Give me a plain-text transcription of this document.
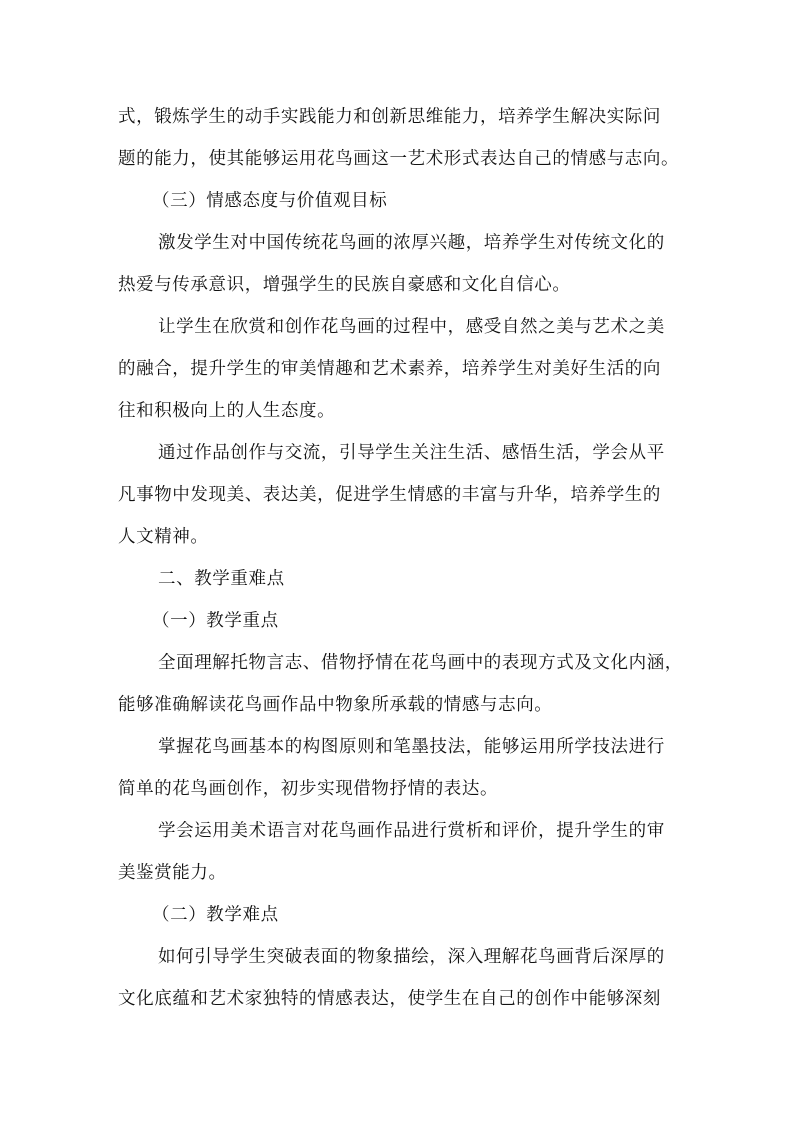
式，锻炼学生的动手实践能力和创新思维能力，培养学生解决实际问
题的能力，使其能够运用花鸟画这一艺术形式表达自己的情感与志向。
（三）情感态度与价值观目标
激发学生对中国传统花鸟画的浓厚兴趣，培养学生对传统文化的
热爱与传承意识，增强学生的民族自豪感和文化自信心。
让学生在欣赏和创作花鸟画的过程中，感受自然之美与艺术之美
的融合，提升学生的审美情趣和艺术素养，培养学生对美好生活的向
往和积极向上的人生态度。
通过作品创作与交流，引导学生关注生活、感悟生活，学会从平
凡事物中发现美、表达美，促进学生情感的丰富与升华，培养学生的
人文精神。
二、教学重难点
（一）教学重点
全面理解托物言志、借物抒情在花鸟画中的表现方式及文化内涵，
能够准确解读花鸟画作品中物象所承载的情感与志向。
掌握花鸟画基本的构图原则和笔墨技法，能够运用所学技法进行
简单的花鸟画创作，初步实现借物抒情的表达。
学会运用美术语言对花鸟画作品进行赏析和评价，提升学生的审
美鉴赏能力。
（二）教学难点
如何引导学生突破表面的物象描绘，深入理解花鸟画背后深厚的
文化底蕴和艺术家独特的情感表达，使学生在自己的创作中能够深刻
